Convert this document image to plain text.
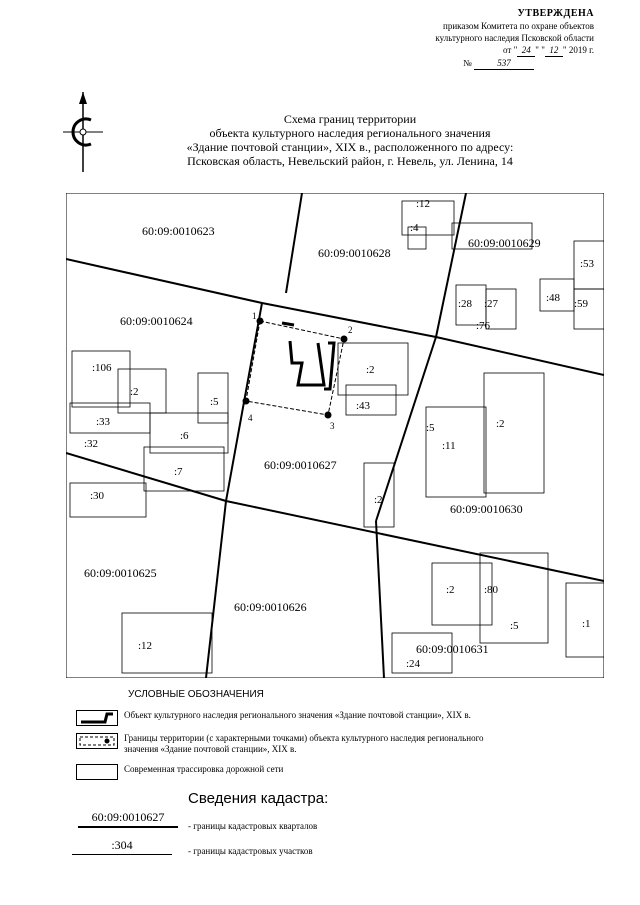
УТВЕРЖДЕНА
приказом Комитета по охране объектов
культурного наследия Псковской области
от " 24 " " 12 " 2019 г.
№	537
Схема границ территории
объекта культурного наследия регионального значения
«Здание почтовой станции», XIX в., расположенного по адресу:
Псковская область, Невельский район, г. Невель, ул. Ленина, 14
1
2
3
4
60:09:0010623
60:09:0010628
60:09:0010629
60:09:0010624
60:09:0010627
60:09:0010630
60:09:0010625
60:09:0010626
60:09:0010631
:12
:4
:53
:48 :59
:28 :27
:76
:2
:106
:2
:5
:33
:32
:6
:7
:30
:2
:43
:11
:80
:2
:2
:5	:1
:24
:12
:5
УСЛОВНЫЕ ОБОЗНАЧЕНИЯ
Объект культурного наследия регионального значения «Здание почтовой станции», XIX в.
Границы территории (с характерными точками) объекта культурного наследия регионального
значения «Здание почтовой станции», XIX в.
Современная трассировка дорожной сети
Сведения кадастра:
60:09:0010627
- границы кадастровых кварталов
:304	- границы кадастровых участков
